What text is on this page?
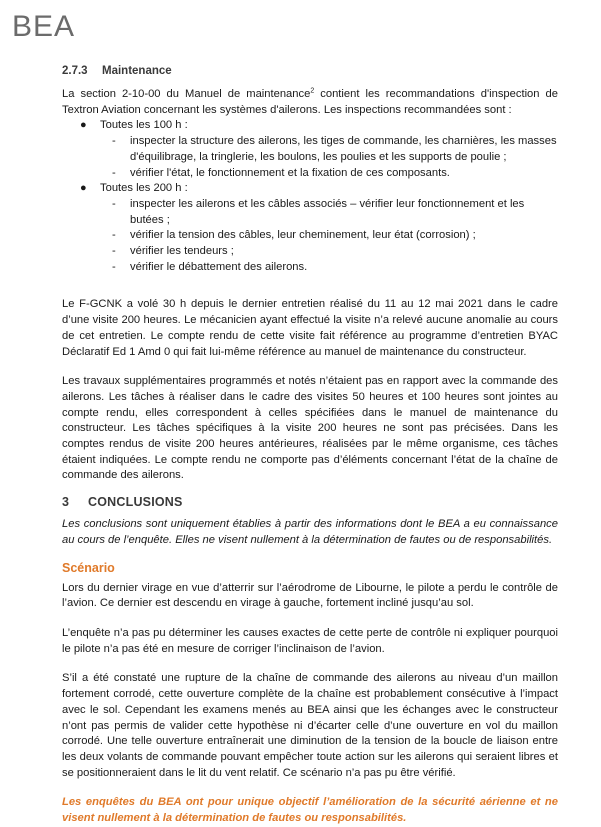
BEA
2.7.3 Maintenance

La section 2-10-00 du Manuel de maintenance$^2$ contient les recommandations d'inspection de Textron Aviation concernant les systèmes d'ailerons. Les inspections recommandées sont :

● Toutes les 100 h :
- inspecter la structure des ailerons, les tiges de commande, les charnières, les masses d'équilibrage, la tringlerie, les boulons, les poulies et les supports de poulie ;
- vérifier l'état, le fonctionnement et la fixation de ces composants.
● Toutes les 200 h :
- inspecter les ailerons et les câbles associés – vérifier leur fonctionnement et les butées ;
- vérifier la tension des câbles, leur cheminement, leur état (corrosion) ;
- vérifier les tendeurs ;
- vérifier le débattement des ailerons.

Le F-GCNK a volé 30 h depuis le dernier entretien réalisé du 11 au 12 mai 2021 dans le cadre d’une visite 200 heures. Le mécanicien ayant effectué la visite n’a relevé aucune anomalie au cours de cet entretien. Le compte rendu de cette visite fait référence au programme d’entretien BYAC Déclaratif Ed 1 Amd 0 qui fait lui-même référence au manuel de maintenance du constructeur.

Les travaux supplémentaires programmés et notés n’étaient pas en rapport avec la commande des ailerons. Les tâches à réaliser dans le cadre des visites 50 heures et 100 heures sont jointes au compte rendu, elles correspondent à celles spécifiées dans le manuel de maintenance du constructeur. Les tâches spécifiques à la visite 200 heures ne sont pas précisées. Dans les comptes rendus de visite 200 heures antérieures, réalisées par le même organisme, ces tâches étaient indiquées. Le compte rendu ne comporte pas d’éléments concernant l’état de la chaîne de commande des ailerons.

3 CONCLUSIONS

Les conclusions sont uniquement établies à partir des informations dont le BEA a eu connaissance au cours de l’enquête. Elles ne visent nullement à la détermination de fautes ou de responsabilités.

Scénario

Lors du dernier virage en vue d’atterrir sur l’aérodrome de Libourne, le pilote a perdu le contrôle de l’avion. Ce dernier est descendu en virage à gauche, fortement incliné jusqu’au sol.

L’enquête n’a pas pu déterminer les causes exactes de cette perte de contrôle ni expliquer pourquoi le pilote n’a pas été en mesure de corriger l’inclinaison de l’avion.

S’il a été constaté une rupture de la chaîne de commande des ailerons au niveau d’un maillon fortement corrodé, cette ouverture complète de la chaîne est probablement consécutive à l’impact avec le sol. Cependant les examens menés au BEA ainsi que les échanges avec le constructeur n’ont pas permis de valider cette hypothèse ni d’écarter celle d’une ouverture en vol du maillon corrodé. Une telle ouverture entraînerait une diminution de la tension de la boucle de liaison entre les deux volants de commande pouvant empêcher toute action sur les ailerons qui seraient libres et se positionneraient dans le lit du vent relatif. Ce scénario n’a pas pu être vérifié.

Les enquêtes du BEA ont pour unique objectif l’amélioration de la sécurité aérienne et ne visent nullement à la détermination de fautes ou responsabilités.
